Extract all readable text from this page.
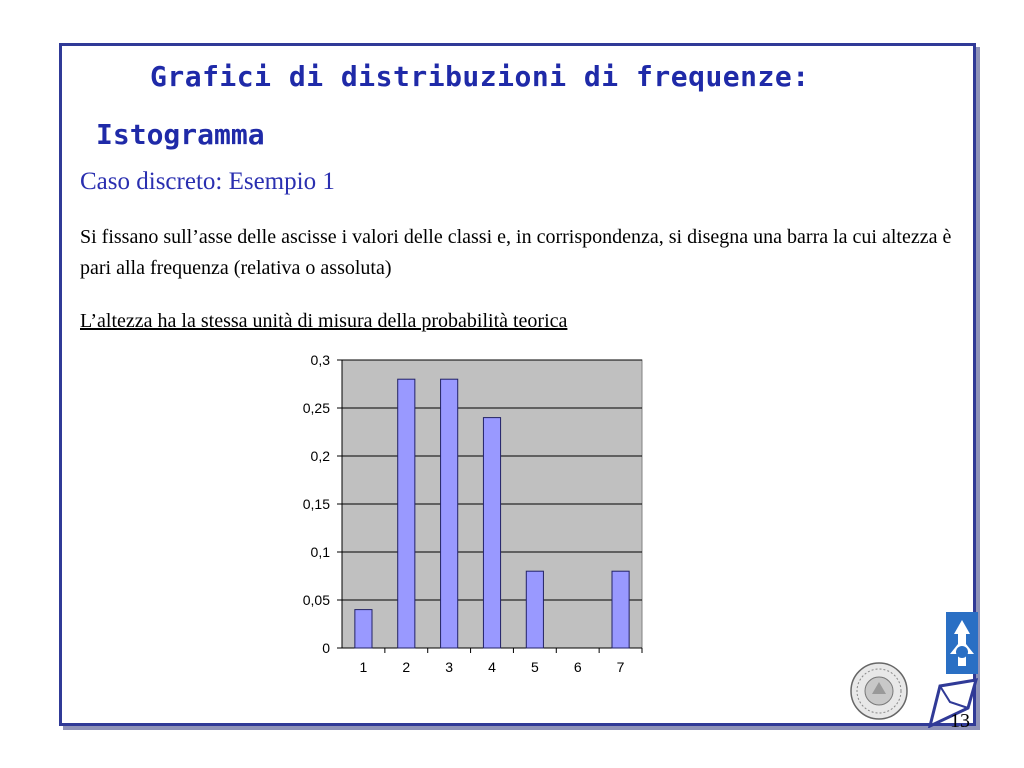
Grafici di distribuzioni di frequenze:
Istogramma
Caso discreto: Esempio 1
Si fissano sull’asse delle ascisse i valori delle classi e, in corrispondenza, si disegna una barra la cui altezza è pari alla frequenza (relativa o assoluta)
L’altezza ha la stessa unità di misura della probabilità teorica
0
0,05
0,1
0,15
0,2
0,25
0,3
1	2	3	4	5	6	7
13
